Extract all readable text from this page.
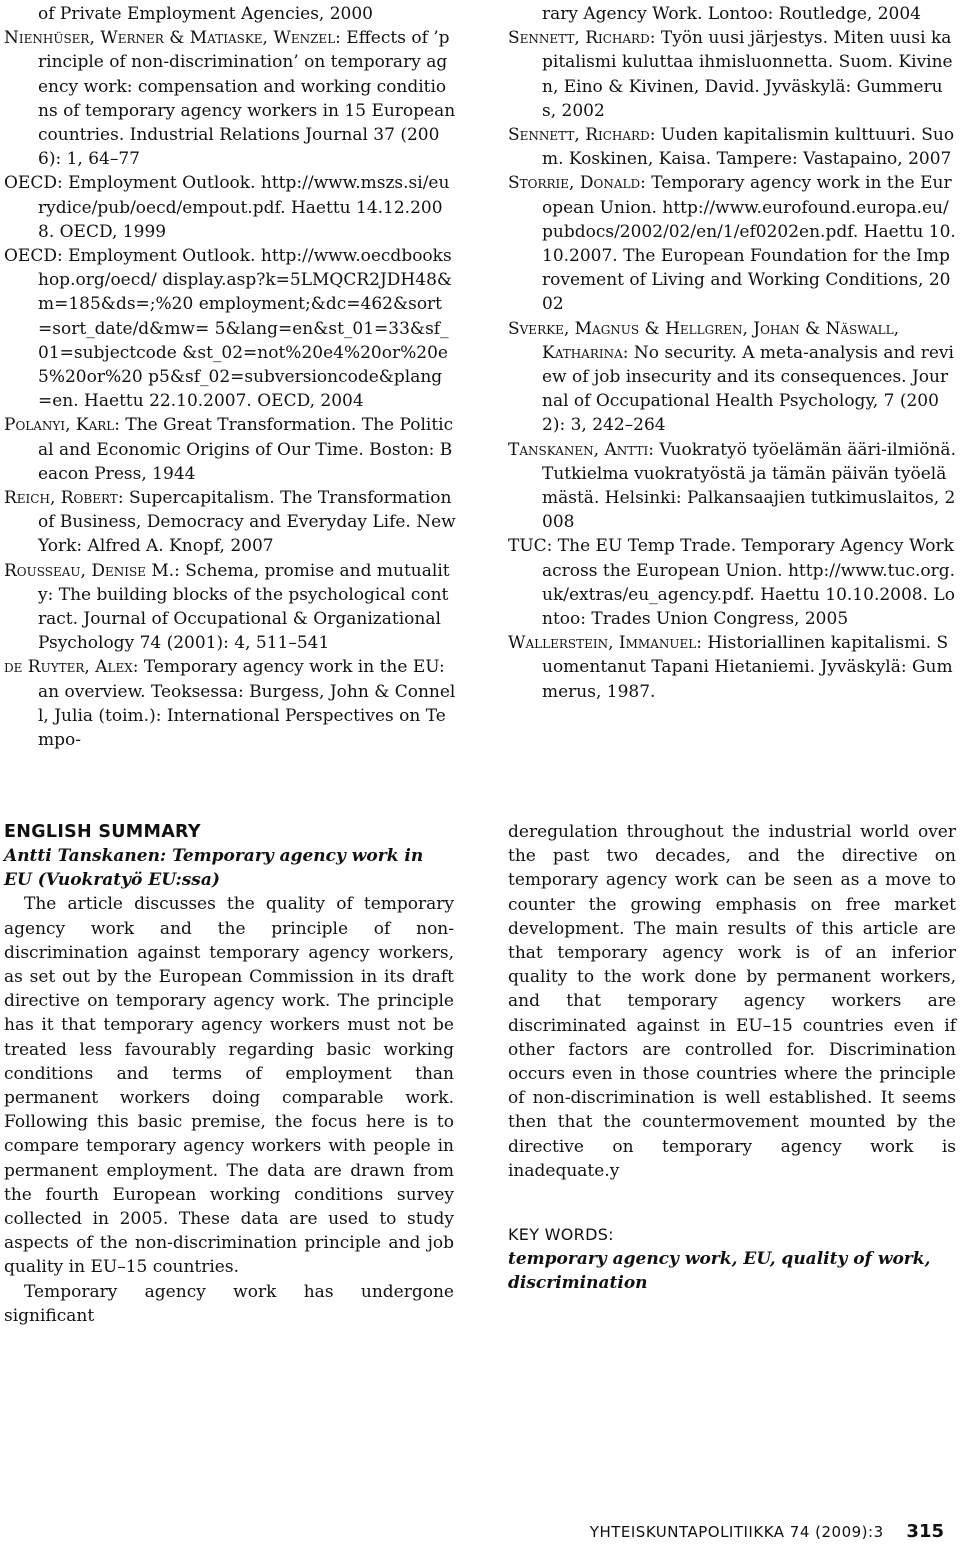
of Private Employment Agencies, 2000

Nienhüser, Werner & Matiaske, Wenzel: Effects of ’principle of non-discrimination’ on temporary agency work: compensation and working conditions of temporary agency workers in 15 European countries. Industrial Relations Journal 37 (2006): 1, 64–77

OECD: Employment Outlook. http://www.mszs.si/eurydice/pub/oecd/empout.pdf. Haettu 14.12.2008. OECD, 1999

OECD: Employment Outlook. http://www.oecdbookshop.org/oecd/ display.asp?k=5LMQCR2JDH48&m=185&ds=;%20 employment;&dc=462&sort=sort_date/d&mw= 5&lang=en&st_01=33&sf_01=subjectcode &st_02=not%20e4%20or%20e5%20or%20 p5&sf_02=subversioncode&plang=en. Haettu 22.10.2007. OECD, 2004

Polanyi, Karl: The Great Transformation. The Political and Economic Origins of Our Time. Boston: Beacon Press, 1944

Reich, Robert: Supercapitalism. The Transformation of Business, Democracy and Everyday Life. New York: Alfred A. Knopf, 2007

Rousseau, Denise M.: Schema, promise and mutuality: The building blocks of the psychological contract. Journal of Occupational & Organizational Psychology 74 (2001): 4, 511–541

de Ruyter, Alex: Temporary agency work in the EU: an overview. Teoksessa: Burgess, John & Connell, Julia (toim.): International Perspectives on Tempo-

rary Agency Work. Lontoo: Routledge, 2004

Sennett, Richard: Työn uusi järjestys. Miten uusi kapitalismi kuluttaa ihmisluonnetta. Suom. Kivinen, Eino & Kivinen, David. Jyväskylä: Gummerus, 2002

Sennett, Richard: Uuden kapitalismin kulttuuri. Suom. Koskinen, Kaisa. Tampere: Vastapaino, 2007

Storrie, Donald: Temporary agency work in the European Union. http://www.eurofound.europa.eu/pubdocs/2002/02/en/1/ef0202en.pdf. Haettu 10.10.2007. The European Foundation for the Improvement of Living and Working Conditions, 2002

Sverke, Magnus & Hellgren, Johan & Näswall, Katharina: No security. A meta-analysis and review of job insecurity and its consequences. Journal of Occupational Health Psychology, 7 (2002): 3, 242–264

Tanskanen, Antti: Vuokratyö työelämän ääri-ilmiönä. Tutkielma vuokratyöstä ja tämän päivän työelämästä. Helsinki: Palkansaajien tutkimuslaitos, 2008

TUC: The EU Temp Trade. Temporary Agency Work across the European Union. http://www.tuc.org.uk/extras/eu_agency.pdf. Haettu 10.10.2008. Lontoo: Trades Union Congress, 2005

Wallerstein, Immanuel: Historiallinen kapitalismi. Suomentanut Tapani Hietaniemi. Jyväskylä: Gummerus, 1987.

ENGLISH SUMMARY

Antti Tanskanen: Temporary agency work in EU (Vuokratyö EU:ssa)

The article discusses the quality of temporary agency work and the principle of non-discrimination against temporary agency workers, as set out by the European Commission in its draft directive on temporary agency work. The principle has it that temporary agency workers must not be treated less favourably regarding basic working conditions and terms of employment than permanent workers doing comparable work. Following this basic premise, the focus here is to compare temporary agency workers with people in permanent employment. The data are drawn from the fourth European working conditions survey collected in 2005. These data are used to study aspects of the non-discrimination principle and job quality in EU–15 countries.

Temporary agency work has undergone significant

deregulation throughout the industrial world over the past two decades, and the directive on temporary agency work can be seen as a move to counter the growing emphasis on free market development. The main results of this article are that temporary agency work is of an inferior quality to the work done by permanent workers, and that temporary agency workers are discriminated against in EU–15 countries even if other factors are controlled for. Discrimination occurs even in those countries where the principle of non-discrimination is well established. It seems then that the countermovement mounted by the directive on temporary agency work is inadequate.y

KEY WORDS:

temporary agency work, EU, quality of work, discrimination

YHTEISKUNTAPOLITIIKKA 74 (2009):3 315
